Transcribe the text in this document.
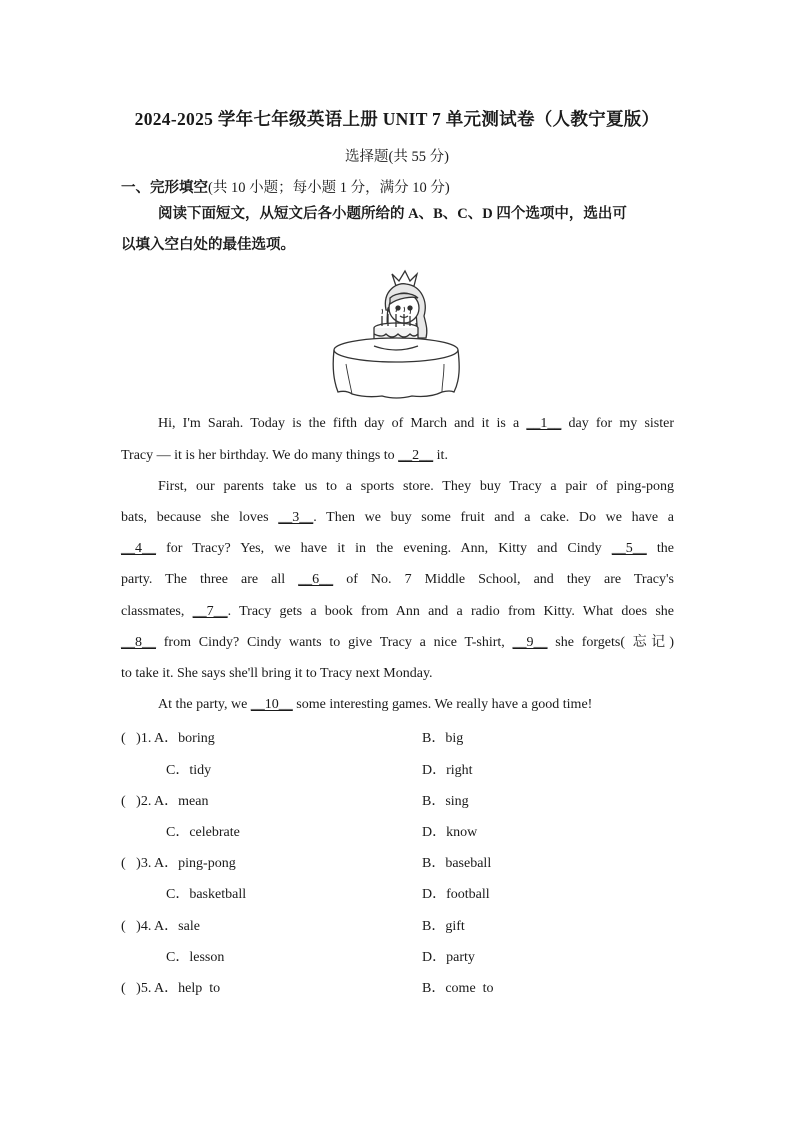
2024-2025 学年七年级英语上册 UNIT 7 单元测试卷（人教宁夏版）
选择题(共 55 分)
一、完形填空(共 10 小题；每小题 1 分，满分 10 分)
阅读下面短文，从短文后各小题所给的 A、B、C、D 四个选项中，选出可
以填入空白处的最佳选项。
Hi, I'm Sarah. Today is the fifth day of March and it is a __1__ day for my sister
Tracy — it is her birthday. We do many things to __2__ it.
First, our parents take us to a sports store. They buy Tracy a pair of ping-pong
bats, because she loves __3__. Then we buy some fruit and a cake. Do we have a
__4__ for Tracy? Yes, we have it in the evening. Ann, Kitty and Cindy __5__ the
party. The three are all __6__ of No. 7 Middle School, and they are Tracy's
classmates, __7__. Tracy gets a book from Ann and a radio from Kitty. What does she
__8__ from Cindy? Cindy wants to give Tracy a nice T-shirt, __9__ she forgets( 忘记)
to take it. She says she'll bring it to Tracy next Monday.
At the party, we __10__ some interesting games. We really have a good time!
(   )1. A．boring	B．big
C．tidy	D．right
(   )2. A．mean	B．sing
C．celebrate	D．know
(   )3. A．ping-pong	B．baseball
C．basketball	D．football
(   )4. A．sale	B．gift
C．lesson	D．party
(   )5. A．help  to	B．come  to
